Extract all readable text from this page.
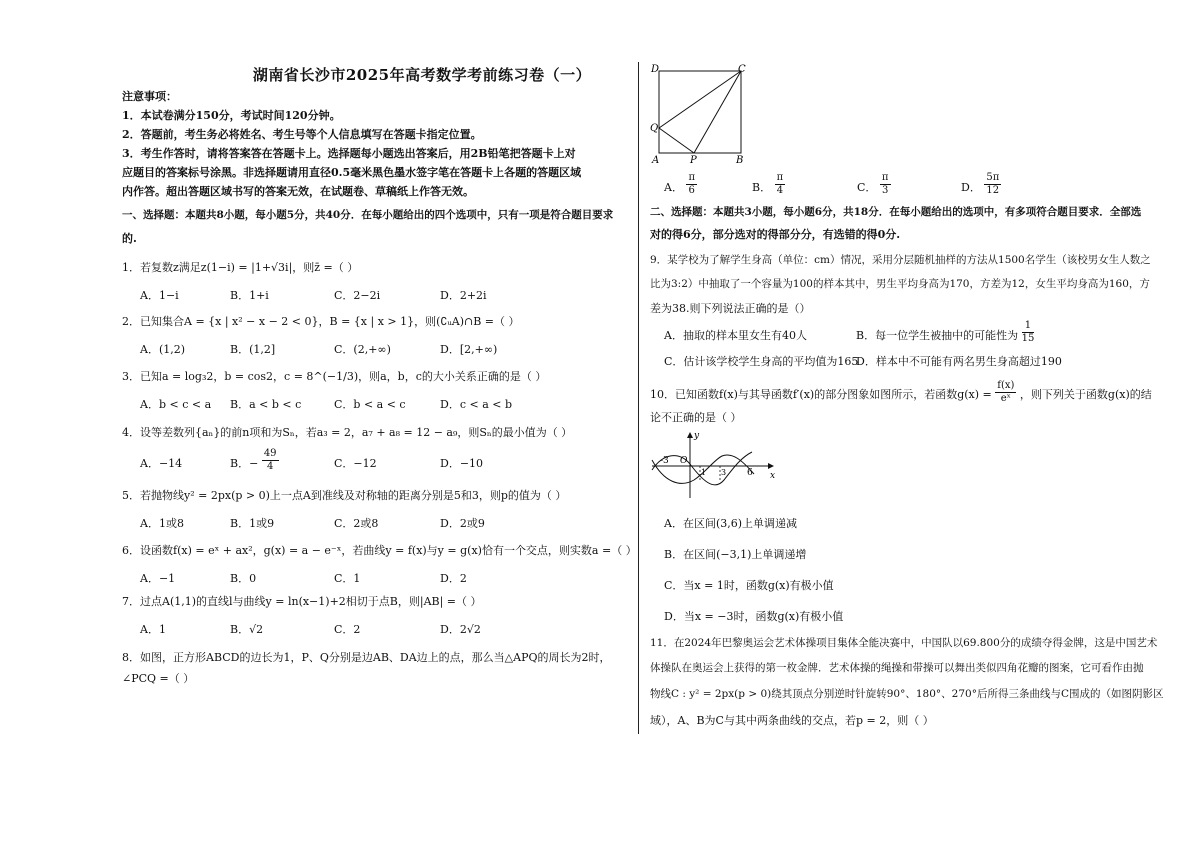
湖南省长沙市2025年高考数学考前练习卷（一）
注意事项：
1．本试卷满分150分，考试时间120分钟。
2．答题前，考生务必将姓名、考生号等个人信息填写在答题卡指定位置。
3．考生作答时，请将答案答在答题卡上。选择题每小题选出答案后，用2B铅笔把答题卡上对
应题目的答案标号涂黑。非选择题请用直径0.5毫米黑色墨水签字笔在答题卡上各题的答题区域
内作答。超出答题区域书写的答案无效，在试题卷、草稿纸上作答无效。
一、选择题：本题共8小题，每小题5分，共40分．在每小题给出的四个选项中，只有一项是符合题目要求
的.
1．若复数z满足z(1−i) = |1+√3i|，则z̄ =（ ）
A．1−i	B．1+i	C．2−2i	D．2+2i
2．已知集合A = {x | x² − x − 2 < 0}，B = {x | x > 1}，则(∁ᵤA)∩B =（ ）
A．(1,2)	B．(1,2]	C．(2,+∞)	D．[2,+∞)
3．已知a = log₃2，b = cos2，c = 8^(−1/3)，则a，b，c的大小关系正确的是（ ）
A．b < c < a B．a < b < c	C．b < a < c	D．c < a < b
4．设等差数列{aₙ}的前n项和为Sₙ，若a₃ = 2，a₇ + a₈ = 12 − a₉，则Sₙ的最小值为（ ）
A．−14	B．− $\frac{49}{4}$	C．−12	D．−10
5．若抛物线y² = 2px(p > 0)上一点A到准线及对称轴的距离分别是5和3，则p的值为（ ）
A．1或8	B．1或9	C．2或8	D．2或9
6．设函数f(x) = eˣ + ax²，g(x) = a − e⁻ˣ，若曲线y = f(x)与y = g(x)恰有一个交点，则实数a =（ ）
A．−1	B．0	C．1	D．2
7．过点A(1,1)的直线l与曲线y = ln(x−1)+2相切于点B，则|AB| =（ ）
A．1	B．√2	C．2	D．2√2
8．如图，正方形ABCD的边长为1，P、Q分别是边AB、DA边上的点，那么当△APQ的周长为2时，
∠PCQ =（ ）
D	C
Q
A	P	B
A． $\frac{\pi}{6}$	B． $\frac{\pi}{4}$	C． $\frac{\pi}{3}$	D． $\frac{5\pi}{12}$
二、选择题：本题共3小题，每小题6分，共18分．在每小题给出的选项中，有多项符合题目要求．全部选
对的得6分，部分选对的得部分分，有选错的得0分.
9．某学校为了解学生身高（单位：cm）情况，采用分层随机抽样的方法从1500名学生（该校男女生人数之
比为3:2）中抽取了一个容量为100的样本其中，男生平均身高为170，方差为12，女生平均身高为160，方
差为38.则下列说法正确的是（）
A．抽取的样本里女生有40人	B．每一位学生被抽中的可能性为 $\frac{1}{15}$
C．估计该学校学生身高的平均值为165
D．样本中不可能有两名男生身高超过190
10．已知函数f(x)与其导函数f′(x)的部分图象如图所示，若函数$g(x) = \frac{f(x)}{\text{eˣ}}$ ，则下列关于函数g(x)的结
论不正确的是（ ）
y
x
O
-3
1 3 6
A．在区间(3,6)上单调递减
B．在区间(−3,1)上单调递增
C．当x = 1时，函数g(x)有极小值
D．当x = −3时，函数g(x)有极小值
11．在2024年巴黎奥运会艺术体操项目集体全能决赛中，中国队以69.800分的成绩夺得金牌，这是中国艺术
体操队在奥运会上获得的第一枚金牌．艺术体操的绳操和带操可以舞出类似四角花瓣的图案，它可看作由抛
物线C : y² = 2px(p > 0)绕其顶点分别逆时针旋转90°、180°、270°后所得三条曲线与C围成的（如图阴影区
域），A、B为C与其中两条曲线的交点，若p = 2，则（ ）
